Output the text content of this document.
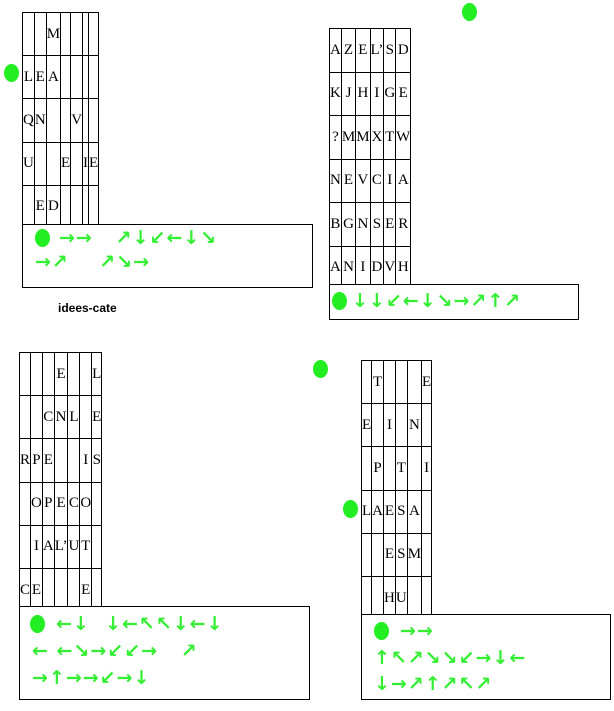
		M				
L	E	A				
Q	N			V		
U			E		I	E
	E	D				
→→   ↗↓↙←↓↘
→↗    ↗↘→
A	Z	E	L’	S	D
K	J	H	I	G	E
?	M	M	X	T	W
N	E	V	C	I	A
B	G	N	S	E	R
A	N	I	D	V	H
↓↓↙←↓↘→↗↑↗
			E			L
		C	N	L		E
R	P	E			I	S
	O	P	E	C	O	
	I	A	L’	U	T	
C	E				E	
←↓  ↓←↖↖↓←↓
← ←↘→↙↙→   ↗
→↑→→↙→↓
	T				E
E		I		N	
	P		T		I
L	A	E	S	A	
		E	S	M	
		H	U		
→→
↑↖↗↘↘↙→↓←
↓→↗↑↗↖↗
idees-cate
